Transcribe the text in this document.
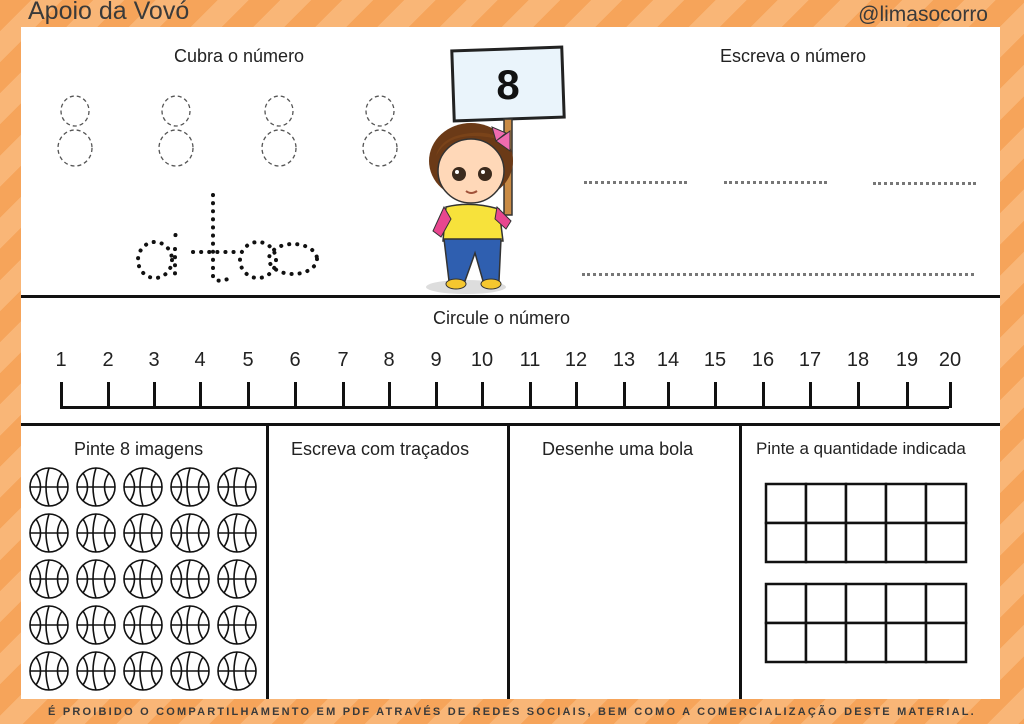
Apoio da Vovó	@limasocorro
Cubra o número	Escreva o número
8
Circule o número
1 2 3 4 5 6 7 8 9 10 11 12 13 14 15 16 17 18 19 20
Pinte 8 imagens	Escreva com traçados	Desenhe uma bola	Pinte a quantidade indicada
É PROIBIDO O COMPARTILHAMENTO EM PDF ATRAVÉS DE REDES SOCIAIS, BEM COMO A COMERCIALIZAÇÃO DESTE MATERIAL.
